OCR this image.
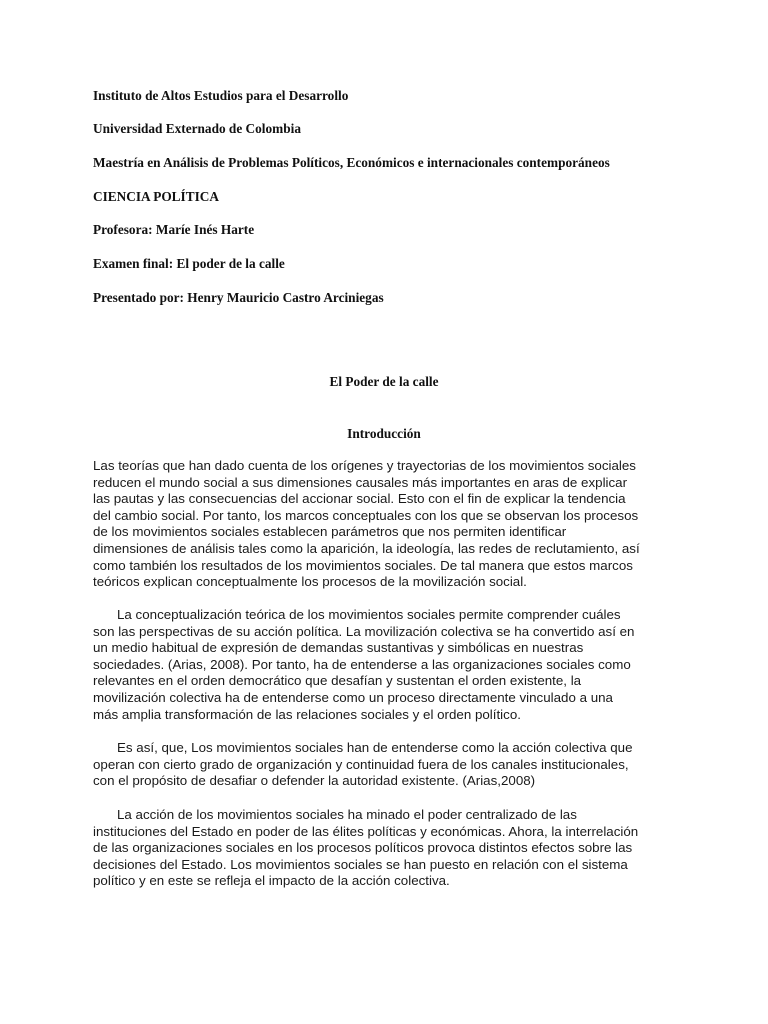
Instituto de Altos Estudios para el Desarrollo

Universidad Externado de Colombia

Maestría en Análisis de Problemas Políticos, Económicos e internacionales contemporáneos

CIENCIA POLÍTICA

Profesora: Maríe Inés Harte

Examen final: El poder de la calle

Presentado por: Henry Mauricio Castro Arciniegas

El Poder de la calle

Introducción

Las teorías que han dado cuenta de los orígenes y trayectorias de los movimientos sociales
reducen el mundo social a sus dimensiones causales más importantes en aras de explicar
las pautas y las consecuencias del accionar social. Esto con el fin de explicar la tendencia
del cambio social. Por tanto, los marcos conceptuales con los que se observan los procesos
de los movimientos sociales establecen parámetros que nos permiten identificar
dimensiones de análisis tales como la aparición, la ideología, las redes de reclutamiento, así
como también los resultados de los movimientos sociales. De tal manera que estos marcos
teóricos explican conceptualmente los procesos de la movilización social.
La conceptualización teórica de los movimientos sociales permite comprender cuáles
son las perspectivas de su acción política. La movilización colectiva se ha convertido así en
un medio habitual de expresión de demandas sustantivas y simbólicas en nuestras
sociedades. (Arias, 2008). Por tanto, ha de entenderse a las organizaciones sociales como
relevantes en el orden democrático que desafían y sustentan el orden existente, la
movilización colectiva ha de entenderse como un proceso directamente vinculado a una
más amplia transformación de las relaciones sociales y el orden político.
Es así, que, Los movimientos sociales han de entenderse como la acción colectiva que
operan con cierto grado de organización y continuidad fuera de los canales institucionales,
con el propósito de desafiar o defender la autoridad existente. (Arias,2008)
La acción de los movimientos sociales ha minado el poder centralizado de las
instituciones del Estado en poder de las élites políticas y económicas. Ahora, la interrelación
de las organizaciones sociales en los procesos políticos provoca distintos efectos sobre las
decisiones del Estado. Los movimientos sociales se han puesto en relación con el sistema
político y en este se refleja el impacto de la acción colectiva.
